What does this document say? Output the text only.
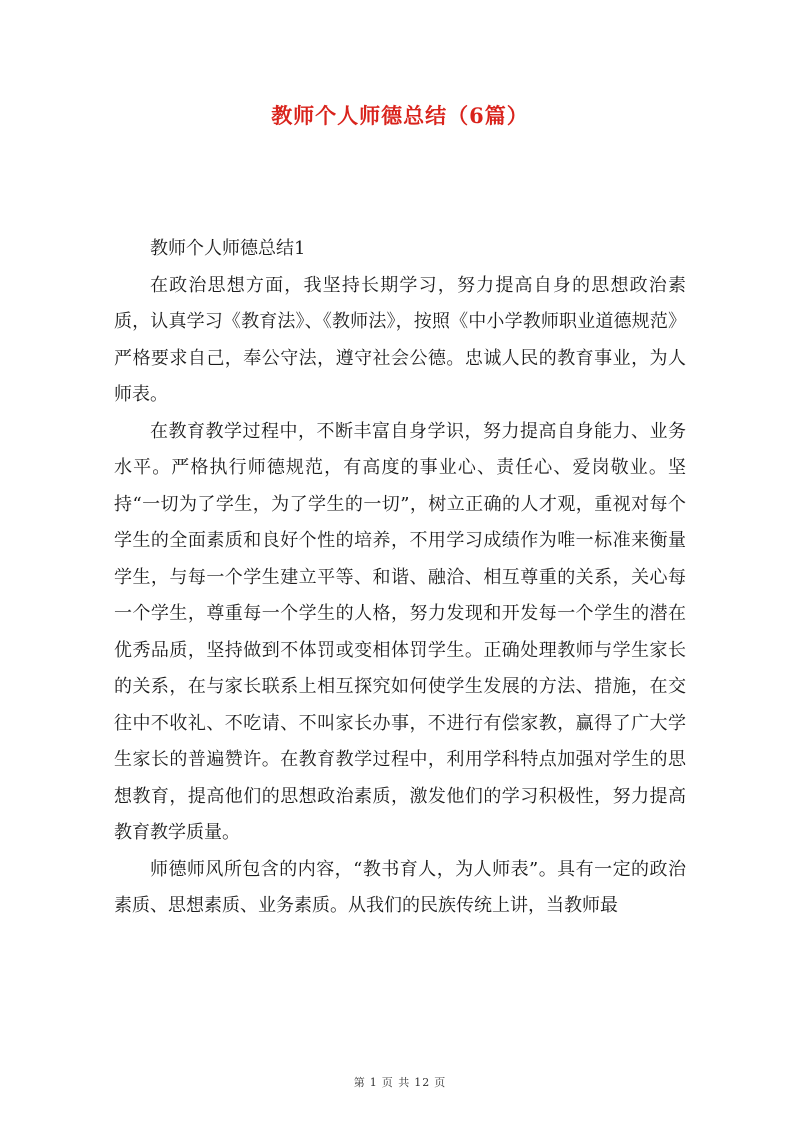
教师个人师德总结（6篇）

教师个人师德总结1

在政治思想方面，我坚持长期学习，努力提高自身的思想政治素质，认真学习《教育法》、《教师法》，按照《中小学教师职业道德规范》严格要求自己，奉公守法，遵守社会公德。忠诚人民的教育事业，为人师表。

在教育教学过程中，不断丰富自身学识，努力提高自身能力、业务水平。严格执行师德规范，有高度的事业心、责任心、爱岗敬业。坚持“一切为了学生，为了学生的一切”，树立正确的人才观，重视对每个学生的全面素质和良好个性的培养，不用学习成绩作为唯一标准来衡量学生，与每一个学生建立平等、和谐、融洽、相互尊重的关系，关心每一个学生，尊重每一个学生的人格，努力发现和开发每一个学生的潜在优秀品质，坚持做到不体罚或变相体罚学生。正确处理教师与学生家长的关系，在与家长联系上相互探究如何使学生发展的方法、措施，在交往中不收礼、不吃请、不叫家长办事，不进行有偿家教，赢得了广大学生家长的普遍赞许。在教育教学过程中，利用学科特点加强对学生的思想教育，提高他们的思想政治素质，激发他们的学习积极性，努力提高教育教学质量。

师德师风所包含的内容，“教书育人，为人师表”。具有一定的政治素质、思想素质、业务素质。从我们的民族传统上讲，当教师最

第 1 页 共 12 页
